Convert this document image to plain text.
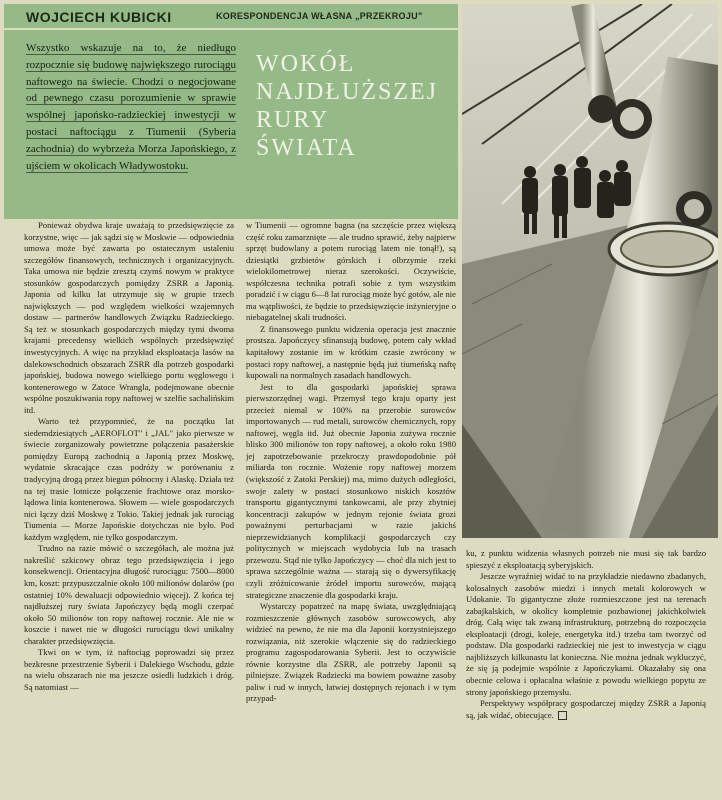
WOJCIECH KUBICKI	KORESPONDENCJA WŁASNA „PRZEKROJU"
Wszystko wskazuje na to, że niedługo rozpocznie się budowę największego rurociągu naftowego na świecie. Chodzi o negocjowane od pewnego czasu porozumienie w sprawie wspólnej japońsko-radzieckiej inwestycji w postaci naftociągu z Tiumenii (Syberia zachodnia) do wybrzeża Morza Japońskiego, z ujściem w okolicach Władywostoku.
WOKÓŁ
NAJDŁUŻSZEJ
RURY
ŚWIATA

Ponieważ obydwa kraje uważają to przedsięwzięcie za korzystne, więc — jak sądzi się w Moskwie — odpowiednia umowa może być zawarta po ostatecznym ustaleniu szczegółów finansowych, technicznych i organizacyjnych. Taka umowa nie będzie zresztą czymś nowym w praktyce stosunków gospodarczych pomiędzy ZSRR a Japonią. Japonia od kilku lat utrzymuje się w grupie trzech największych — pod względem wielkości wzajemnych dostaw — partnerów handlowych Związku Radzieckiego. Są też w stosunkach gospodarczych między tymi dwoma krajami precedensy wielkich wspólnych przedsięwzięć inwestycyjnych. A więc na przykład eksploatacja lasów na dalekowschodnich obszarach ZSRR dla potrzeb gospodarki japońskiej, budowa nowego wielkiego portu węglowego i kontenerowego w Zatoce Wrangla, podejmowane obecnie wspólne poszukiwania ropy naftowej w szelfie sachalińskim itd.

Warto też przypomnieć, że na początku lat siedemdziesiątych „AEROFLOT" i „JAL" jako pierwsze w świecie zorganizowały powietrzne połączenia pasażerskie pomiędzy Europą zachodnią a Japonią przez Moskwę, wydatnie skracające czas podróży w porównaniu z tradycyjną drogą przez biegun północny i Alaskę. Działa też na tej trasie lotnicze połączenie frachtowe oraz morsko-lądowa linia kontenerowa. Słowem — wiele gospodarczych nici łączy dziś Moskwę z Tokio. Takiej jednak jak rurociąg Tiumenia — Morze Japońskie dotychczas nie było. Pod każdym względem, nie tylko gospodarczym.

Trudno na razie mówić o szczegółach, ale można już nakreślić szkicowy obraz tego przedsięwzięcia i jego konsekwencji. Orientacyjna długość rurociągu: 7500—8000 km, koszt: przypuszczalnie około 100 milionów dolarów (po ostatniej 10% dewaluacji odpowiednio więcej). Z końca tej najdłuższej rury świata Japończycy będą mogli czerpać około 50 milionów ton ropy naftowej rocznie. Ale nie w koszcie i nawet nie w długości rurociągu tkwi unikalny charakter przedsięwzięcia.

Tkwi on w tym, iż naftociąg poprowadzi się przez bezkresne przestrzenie Syberii i Dalekiego Wschodu, gdzie na wielu obszarach nie ma jeszcze osiedli ludzkich i dróg. Są natomiast —

w Tiumenii — ogromne bagna (na szczęście przez większą część roku zamarznięte — ale trudno sprawić, żeby najpierw sprzęt budowlany a potem rurociąg latem nie tonął!), są dziesiątki grzbietów górskich i olbrzymie rzeki wielokilometrowej nieraz szerokości. Oczywiście, współczesna technika potrafi sobie z tym wszystkim poradzić i w ciągu 6—8 lat rurociąg może być gotów, ale nie ma wątpliwości, że będzie to przedsięwzięcie inżynieryjne o niebagatelnej skali trudności.

Z finansowego punktu widzenia operacja jest znacznie prostsza. Japończycy sfinansują budowę, potem cały wkład kapitałowy zostanie im w krótkim czasie zwrócony w postaci ropy naftowej, a następnie będą już tiumeńską naftę kupowali na normalnych zasadach handlowych.

Jest to dla gospodarki japońskiej sprawa pierwszorzędnej wagi. Przemysł tego kraju oparty jest przecież niemal w 100% na przerobie surowców importowanych — rud metali, surowców chemicznych, ropy naftowej, węgla itd. Już obecnie Japonia zużywa rocznie blisko 300 milionów ton ropy naftowej, a około roku 1980 jej zapotrzebowanie przekroczy prawdopodobnie pół miliarda ton rocznie. Wożenie ropy naftowej morzem (większość z Zatoki Perskiej) ma, mimo dużych odległości, swoje zalety w postaci stosunkowo niskich kosztów transportu gigantycznymi tankowcami, ale przy zbytniej koncentracji zakupów w jednym rejonie świata grozi poważnymi perturbacjami w razie jakichś nieprzewidzianych komplikacji gospodarczych czy politycznych w miejscach wydobycia lub na trasach przewozu. Stąd nie tylko Japończycy — choć dla nich jest to sprawa szczególnie ważna — starają się o dywersyfikację czyli zróżnicowanie źródeł importu surowców, mającą strategiczne znaczenie dla gospodarki kraju.

Wystarczy popatrzeć na mapę świata, uwzględniającą rozmieszczenie głównych zasobów surowcowych, aby widzieć na pewno, że nie ma dla Japonii korzystniejszego rozwiązania, niż szerokie włączenie się do radzieckiego programu zagospodarowania Syberii. Jest to oczywiście równie korzystne dla ZSRR, ale potrzeby Japonii są pilniejsze. Związek Radziecki ma bowiem poważne zasoby paliw i rud w innych, łatwiej dostępnych rejonach i w tym przypad-

ku, z punktu widzenia własnych potrzeb nie musi się tak bardzo spieszyć z eksploatacją syberyjskich.

Jeszcze wyraźniej widać to na przykładzie niedawno zbadanych, kolosalnych zasobów miedzi i innych metali kolorowych w Udokanie. To gigantyczne złoże rozmieszczone jest na terenach zabajkalskich, w okolicy kompletnie pozbawionej jakichkolwiek dróg. Całą więc tak zwaną infrastrukturę, potrzebną do rozpoczęcia eksploatacji (drogi, koleje, energetyka itd.) trzeba tam tworzyć od podstaw. Dla gospodarki radzieckiej nie jest to inwestycja w ciągu najbliższych kilkunastu lat konieczna. Nie można jednak wykluczyć, że się ją podejmie wspólnie z Japończykami. Okazałaby się ona obecnie celowa i opłacalna właśnie z powodu wielkiego popytu ze strony japońskiego przemysłu.

Perspektywy współpracy gospodarczej między ZSRR a Japonią są, jak widać, obiecujące.
